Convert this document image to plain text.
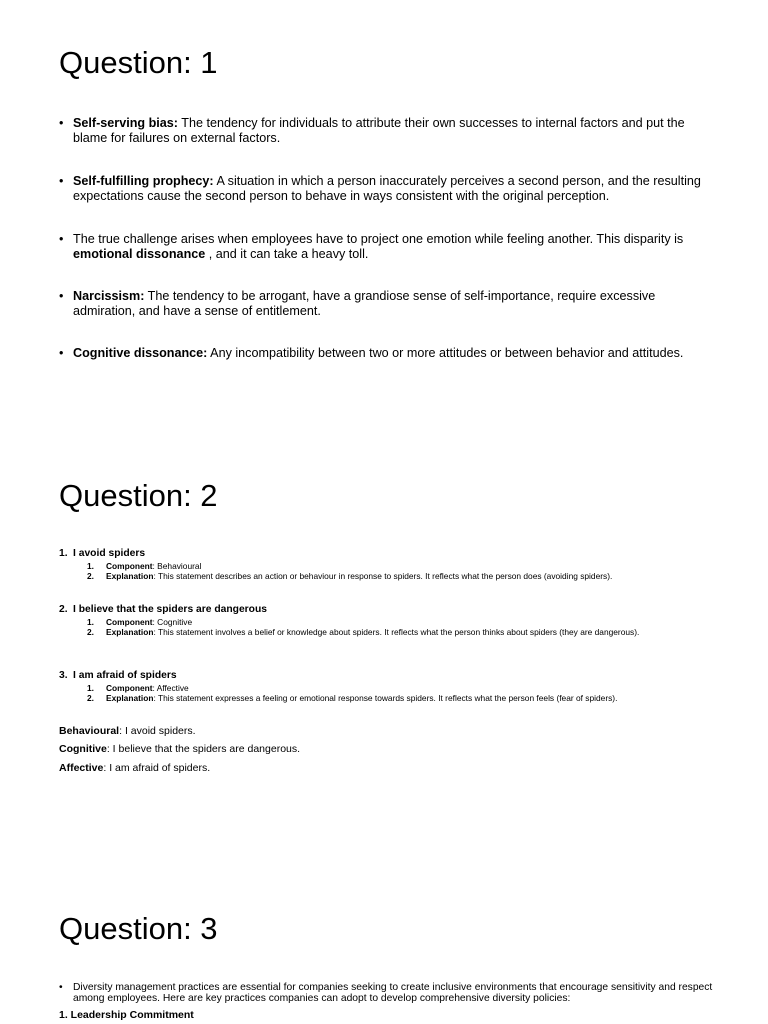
Question: 1
• Self-serving bias: The tendency for individuals to attribute their own successes to internal factors and put the blame for failures on external factors.
• Self-fulfilling prophecy: A situation in which a person inaccurately perceives a second person, and the resulting expectations cause the second person to behave in ways consistent with the original perception.
• The true challenge arises when employees have to project one emotion while feeling another. This disparity is emotional dissonance , and it can take a heavy toll.
• Narcissism: The tendency to be arrogant, have a grandiose sense of self-importance, require excessive admiration, and have a sense of entitlement.
• Cognitive dissonance: Any incompatibility between two or more attitudes or between behavior and attitudes.
Question: 2
1. I avoid spiders
1. Component: Behavioural
2. Explanation: This statement describes an action or behaviour in response to spiders. It reflects what the person does (avoiding spiders).
2. I believe that the spiders are dangerous
1. Component: Cognitive
2. Explanation: This statement involves a belief or knowledge about spiders. It reflects what the person thinks about spiders (they are dangerous).
3. I am afraid of spiders
1. Component: Affective
2. Explanation: This statement expresses a feeling or emotional response towards spiders. It reflects what the person feels (fear of spiders).
Behavioural: I avoid spiders.
Cognitive: I believe that the spiders are dangerous.
Affective: I am afraid of spiders.
Question: 3
• Diversity management practices are essential for companies seeking to create inclusive environments that encourage sensitivity and respect among employees. Here are key practices companies can adopt to develop comprehensive diversity policies:
1. Leadership Commitment
